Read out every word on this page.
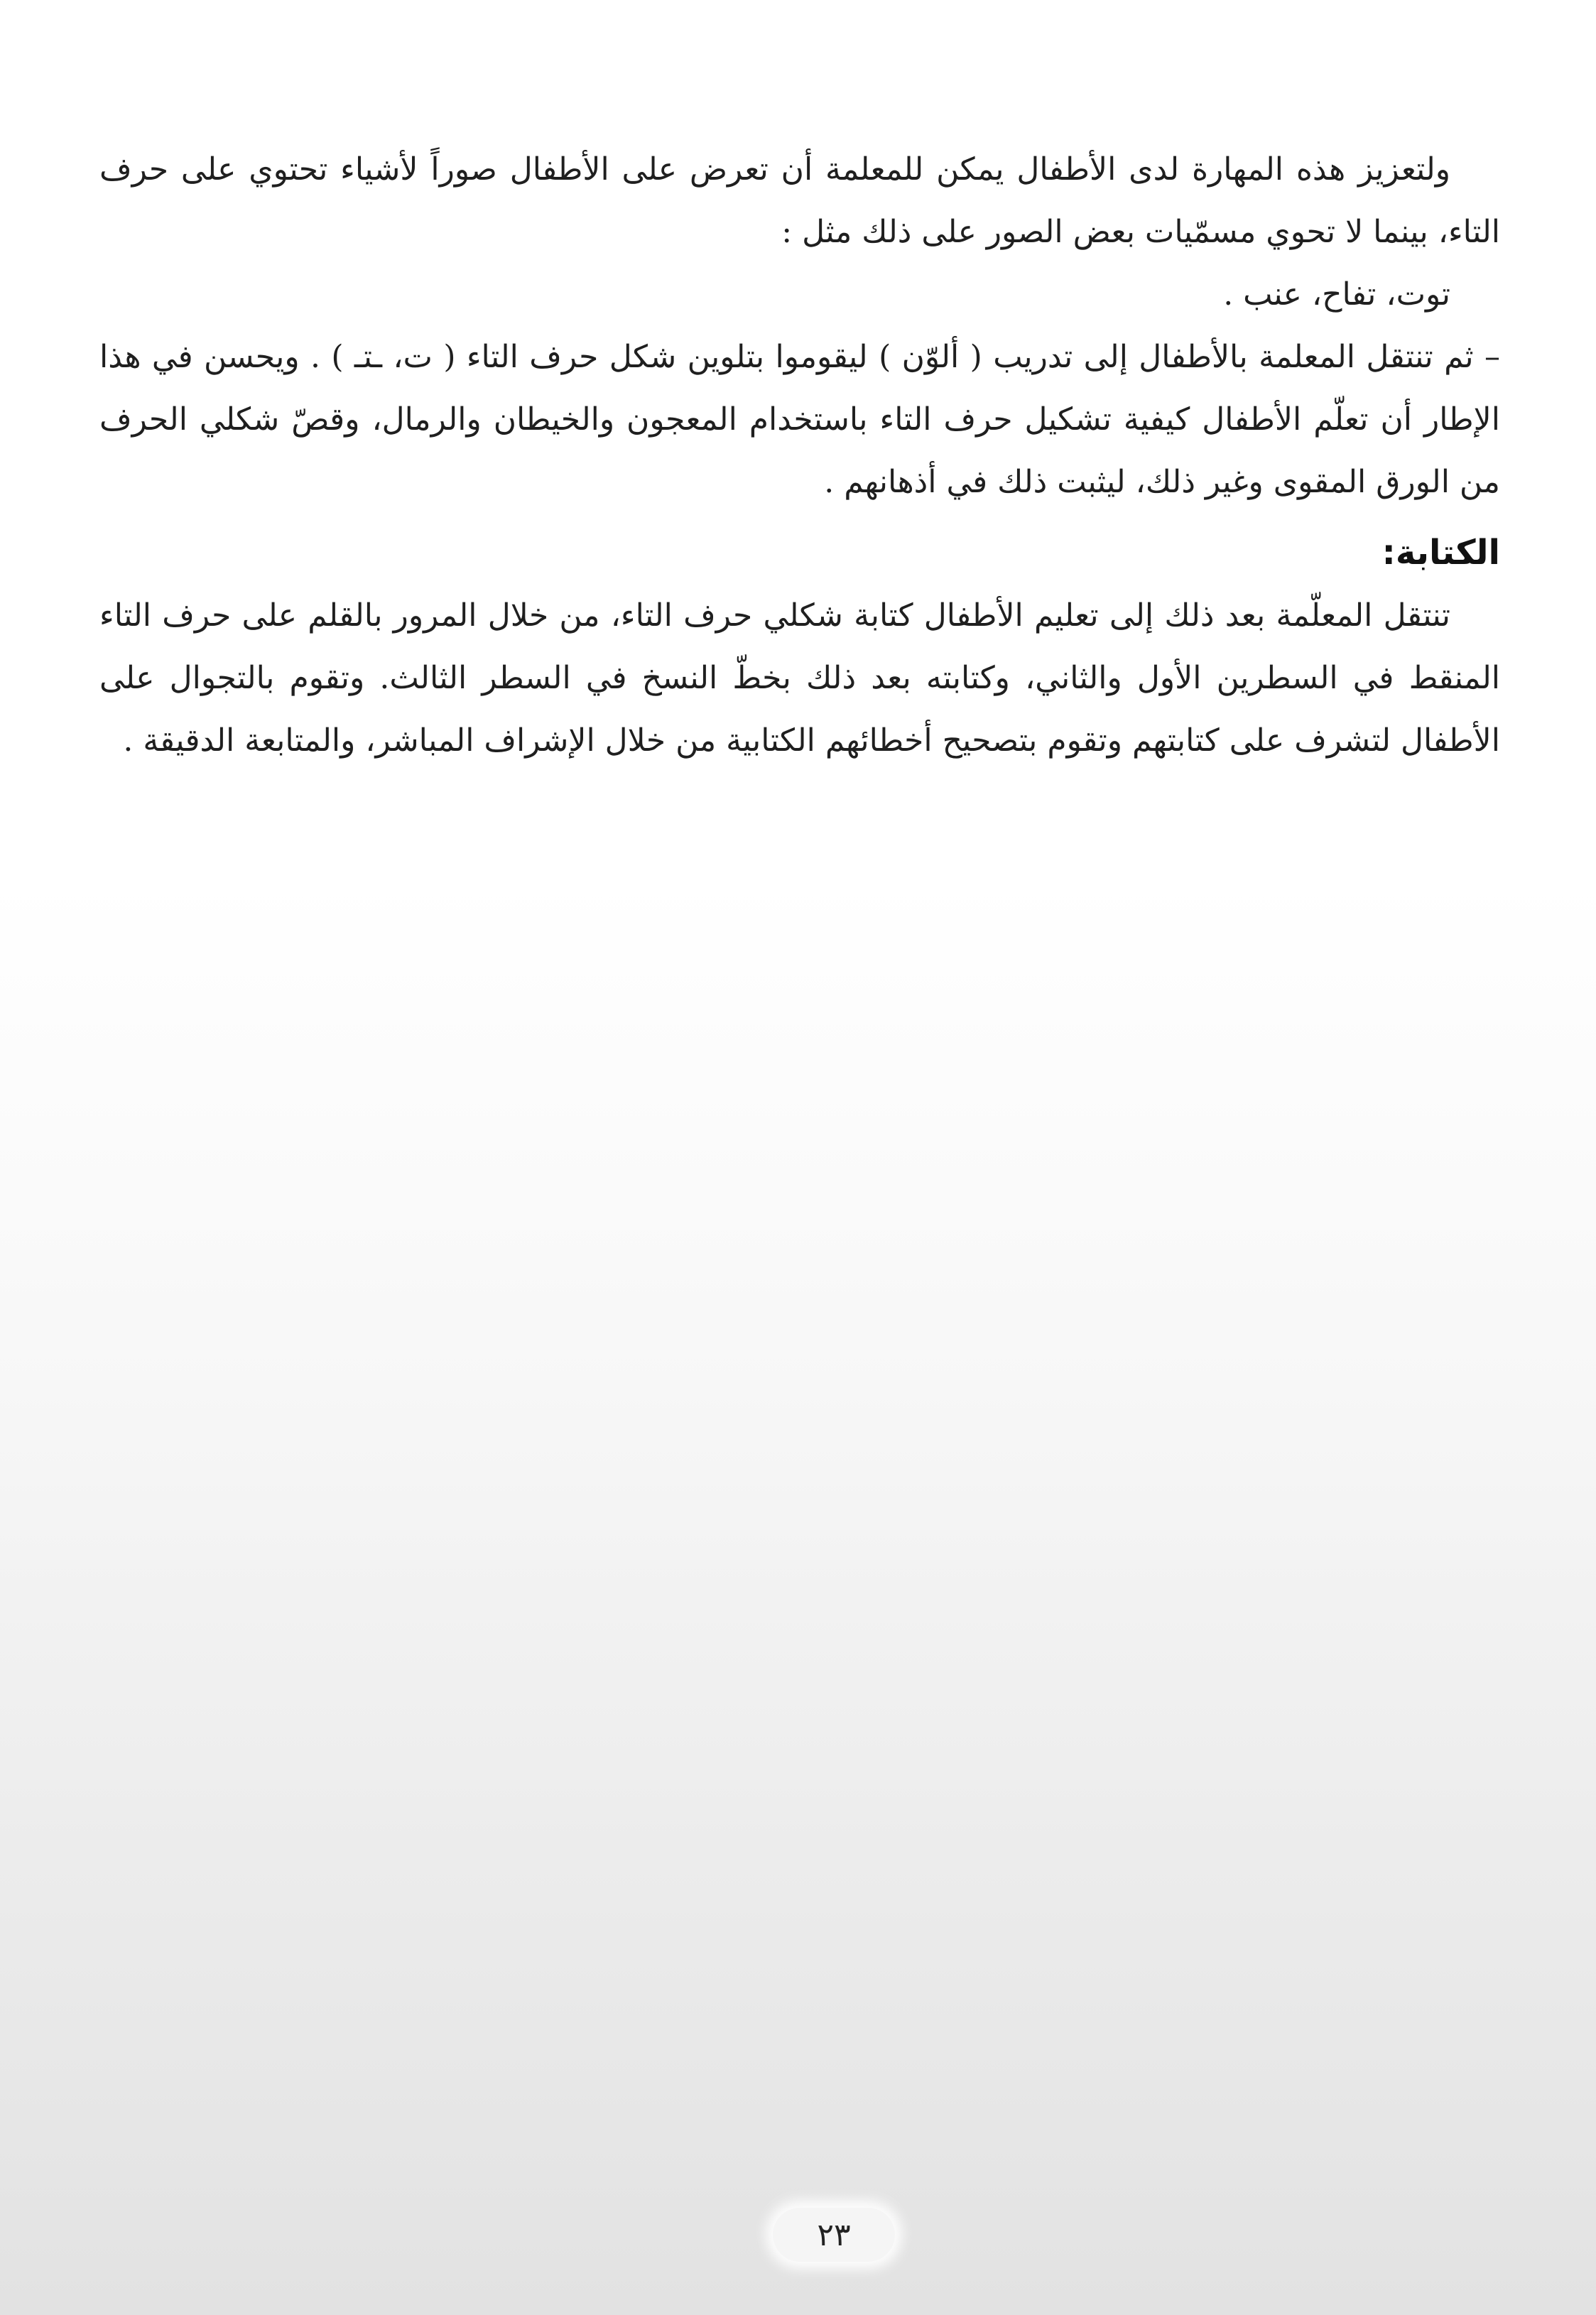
ولتعزيز هذه المهارة لدى الأطفال يمكن للمعلمة أن تعرض على الأطفال صوراً لأشياء تحتوي على حرف التاء، بينما لا تحوي مسمّيات بعض الصور على ذلك مثل :

توت، تفاح، عنب .

– ثم تنتقل المعلمة بالأطفال إلى تدريب ( ألوّن ) ليقوموا بتلوين شكل حرف التاء ( ت، ـتـ ) . ويحسن في هذا الإطار أن تعلّم الأطفال كيفية تشكيل حرف التاء باستخدام المعجون والخيطان والرمال، وقصّ شكلي الحرف من الورق المقوى وغير ذلك، ليثبت ذلك في أذهانهم .

الكتابة:

تنتقل المعلّمة بعد ذلك إلى تعليم الأطفال كتابة شكلي حرف التاء، من خلال المرور بالقلم على حرف التاء المنقط في السطرين الأول والثاني، وكتابته بعد ذلك بخطّ النسخ في السطر الثالث. وتقوم بالتجوال على الأطفال لتشرف على كتابتهم وتقوم بتصحيح أخطائهم الكتابية من خلال الإشراف المباشر، والمتابعة الدقيقة .

٢٣
